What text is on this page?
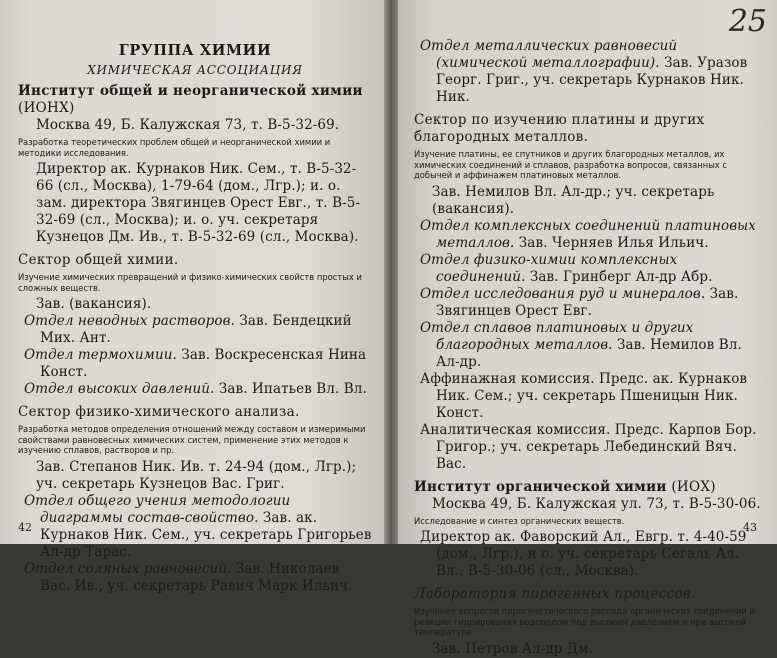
ГРУППА ХИМИИ
ХИМИЧЕСКАЯ АССОЦИАЦИЯ
Институт общей и неорганической химии (ИОНХ)
Москва 49, Б. Калужская 73, т. В-5-32-69.
Разработка теоретических проблем общей и неорганической химии и методики исследования.
Директор ак. Курнаков Ник. Сем., т. В-5-32-66 (сл., Москва), 1-79-64 (дом., Лгр.); и. о. зам. директора Звягинцев Орест Евг., т. В-5-32-69 (сл., Москва); и. о. уч. секретаря Кузнецов Дм. Ив., т. В-5-32-69 (сл., Москва).
Сектор общей химии.
Изучение химических превращений и физико-химических свойств простых и сложных веществ.
Зав. (вакансия).
Отдел неводных растворов. Зав. Бендецкий Мих. Ант.
Отдел термохимии. Зав. Воскресенская Нина Конст.
Отдел высоких давлений. Зав. Ипатьев Вл. Вл.
Сектор физико-химического анализа.
Разработка методов определения отношений между составом и измеримыми свойствами равновесных химических систем, применение этих методов к изучению сплавов, растворов и пр.
Зав. Степанов Ник. Ив. т. 24-94 (дом., Лгр.); уч. секретарь Кузнецов Вас. Григ.
Отдел общего учения методологии диаграммы состав-свойство. Зав. ак. Курнаков Ник. Сем., уч. секретарь Григорьев Ал-др Тарас.
Отдел соляных равновесий. Зав. Николаев Вас. Ив., уч. секретарь Равич Марк Ильич.
42
25
Отдел металлических равновесий (химической металлографии). Зав. Уразов Георг. Григ., уч. секретарь Курнаков Ник. Ник.
Сектор по изучению платины и других благородных металлов.
Изучение платины, ее спутников и других благородных металлов, их химических соединений и сплавов, разработка вопросов, связанных с добычей и аффинажем платиновых металлов.
Зав. Немилов Вл. Ал-др.; уч. секретарь (вакансия).
Отдел комплексных соединений платиновых металлов. Зав. Черняев Илья Ильич.
Отдел физико-химии комплексных соединений. Зав. Гринберг Ал-др Абр.
Отдел исследования руд и минералов. Зав. Звягинцев Орест Евг.
Отдел сплавов платиновых и других благородных металлов. Зав. Немилов Вл. Ал-др.
Аффинажная комиссия. Предс. ак. Курнаков Ник. Сем.; уч. секретарь Пшеницын Ник. Конст.
Аналитическая комиссия. Предс. Карпов Бор. Григор.; уч. секретарь Лебединский Вяч. Вас.
Институт органической химии (ИОХ)
Москва 49, Б. Калужская ул. 73, т. В-5-30-06.
Исследование и синтез органических веществ.
Директор ак. Фаворский Ал., Евгр. т. 4-40-59 (дом., Лгр.), и о. уч. секретарь Сегаль Ал. Вл., В-5-30-06 (сл., Москва).
Лаборатория пирогенных процессов.
Изучение вопросов пирогенетического распада органических соединений и реакции гидрирования водородом под высоким давлением и при высокой температуре.
Зав. Петров Ал-др Дм.
43
